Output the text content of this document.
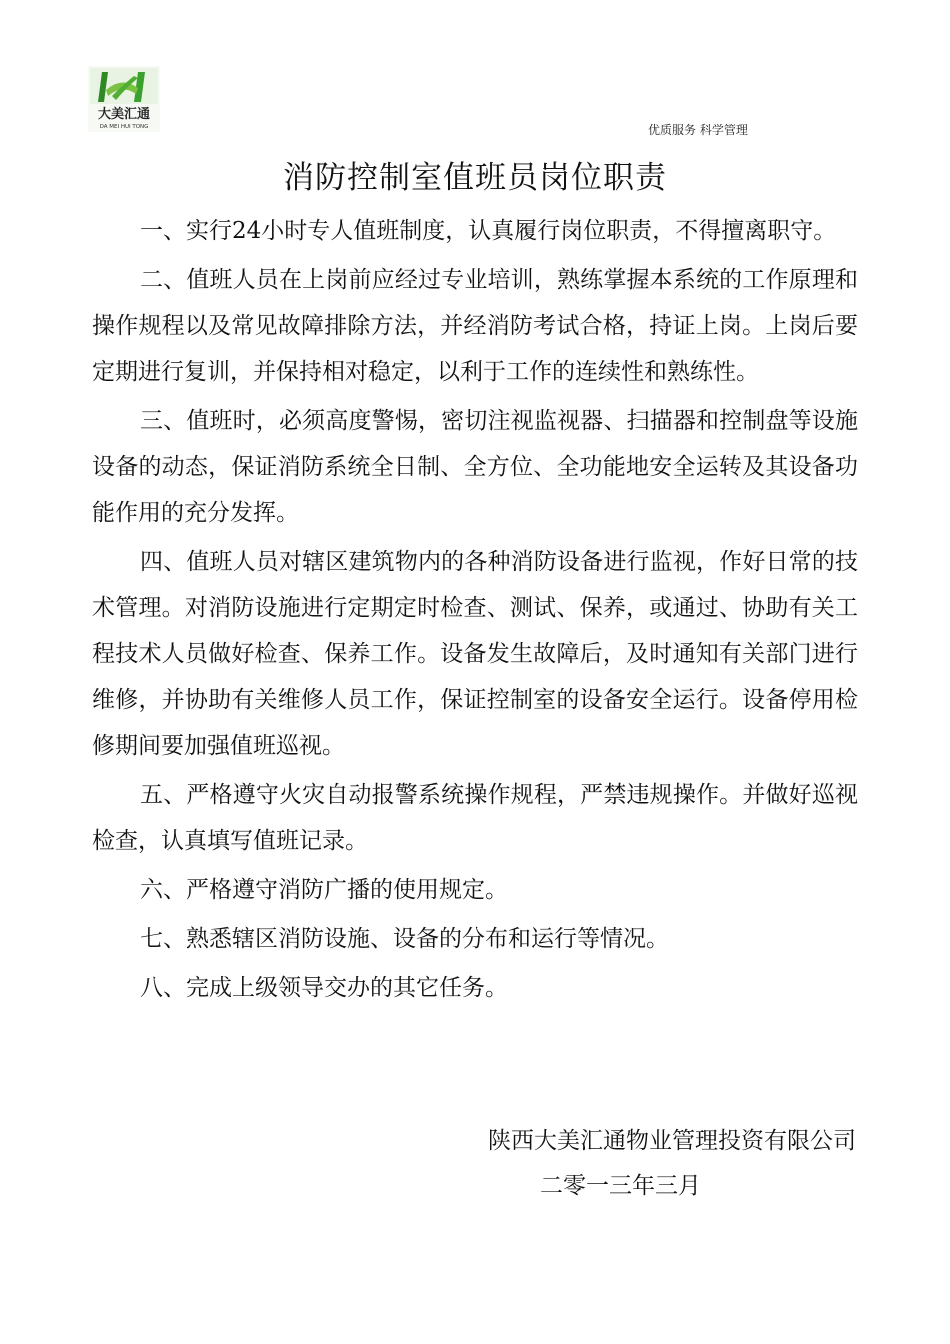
大美汇通
DA MEI HUI TONG	优质服务 科学管理
消防控制室值班员岗位职责

一、实行24小时专人值班制度，认真履行岗位职责，不得擅离职守。

二、值班人员在上岗前应经过专业培训，熟练掌握本系统的工作原理和操作规程以及常见故障排除方法，并经消防考试合格，持证上岗。上岗后要定期进行复训，并保持相对稳定，以利于工作的连续性和熟练性。

三、值班时，必须高度警惕，密切注视监视器、扫描器和控制盘等设施设备的动态，保证消防系统全日制、全方位、全功能地安全运转及其设备功能作用的充分发挥。

四、值班人员对辖区建筑物内的各种消防设备进行监视，作好日常的技术管理。对消防设施进行定期定时检查、测试、保养，或通过、协助有关工程技术人员做好检查、保养工作。设备发生故障后，及时通知有关部门进行维修，并协助有关维修人员工作，保证控制室的设备安全运行。设备停用检修期间要加强值班巡视。

五、严格遵守火灾自动报警系统操作规程，严禁违规操作。并做好巡视检查，认真填写值班记录。

六、严格遵守消防广播的使用规定。

七、熟悉辖区消防设施、设备的分布和运行等情况。

八、完成上级领导交办的其它任务。

陕西大美汇通物业管理投资有限公司
二零一三年三月
